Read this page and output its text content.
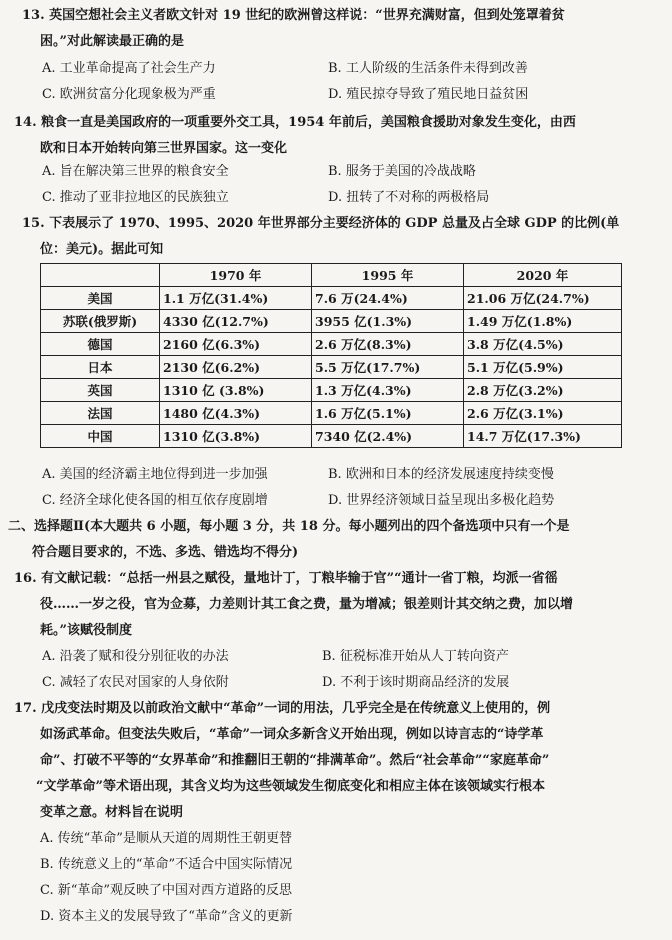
13. 英国空想社会主义者欧文针对 19 世纪的欧洲曾这样说：“世界充满财富，但到处笼罩着贫
困。”对此解读最正确的是
A. 工业革命提高了社会生产力	B. 工人阶级的生活条件未得到改善
C. 欧洲贫富分化现象极为严重	D. 殖民掠夺导致了殖民地日益贫困
14. 粮食一直是美国政府的一项重要外交工具，1954 年前后，美国粮食援助对象发生变化，由西
欧和日本开始转向第三世界国家。这一变化
A. 旨在解决第三世界的粮食安全	B. 服务于美国的冷战战略
C. 推动了亚非拉地区的民族独立	D. 扭转了不对称的两极格局
15. 下表展示了 1970、1995、2020 年世界部分主要经济体的 GDP 总量及占全球 GDP 的比例(单
位：美元)。据此可知
	1970 年	1995 年	2020 年
美国	1.1 万亿(31.4%)	7.6 万(24.4%)	21.06 万亿(24.7%)
苏联(俄罗斯)	4330 亿(12.7%)	3955 亿(1.3%)	1.49 万亿(1.8%)
德国	2160 亿(6.3%)	2.6 万亿(8.3%)	3.8 万亿(4.5%)
日本	2130 亿(6.2%)	5.5 万亿(17.7%)	5.1 万亿(5.9%)
英国	1310 亿 (3.8%)	1.3 万亿(4.3%)	2.8 万亿(3.2%)
法国	1480 亿(4.3%)	1.6 万亿(5.1%)	2.6 万亿(3.1%)
中国	1310 亿(3.8%)	7340 亿(2.4%)	14.7 万亿(17.3%)
A. 美国的经济霸主地位得到进一步加强	B. 欧洲和日本的经济发展速度持续变慢
C. 经济全球化使各国的相互依存度剧增	D. 世界经济领域日益呈现出多极化趋势
二、选择题Ⅱ(本大题共 6 小题，每小题 3 分，共 18 分。每小题列出的四个备选项中只有一个是
符合题目要求的，不选、多选、错选均不得分)
16. 有文献记载：“总括一州县之赋役，量地计丁，丁粮毕输于官”“通计一省丁粮，均派一省徭
役……一岁之役，官为佥募，力差则计其工食之费，量为增减；银差则计其交纳之费，加以增
耗。”该赋役制度
A. 沿袭了赋和役分别征收的办法	B. 征税标准开始从人丁转向资产
C. 减轻了农民对国家的人身依附	D. 不利于该时期商品经济的发展
17. 戊戌变法时期及以前政治文献中“革命”一词的用法，几乎完全是在传统意义上使用的，例
如汤武革命。但变法失败后，“革命”一词众多新含义开始出现，例如以诗言志的“诗学革
命”、打破不平等的“女界革命”和推翻旧王朝的“排满革命”。然后“社会革命”“家庭革命”
“文学革命”等术语出现，其含义均为这些领域发生彻底变化和相应主体在该领域实行根本
变革之意。材料旨在说明
A. 传统“革命”是顺从天道的周期性王朝更替
B. 传统意义上的“革命”不适合中国实际情况
C. 新“革命”观反映了中国对西方道路的反思
D. 资本主义的发展导致了“革命”含义的更新
